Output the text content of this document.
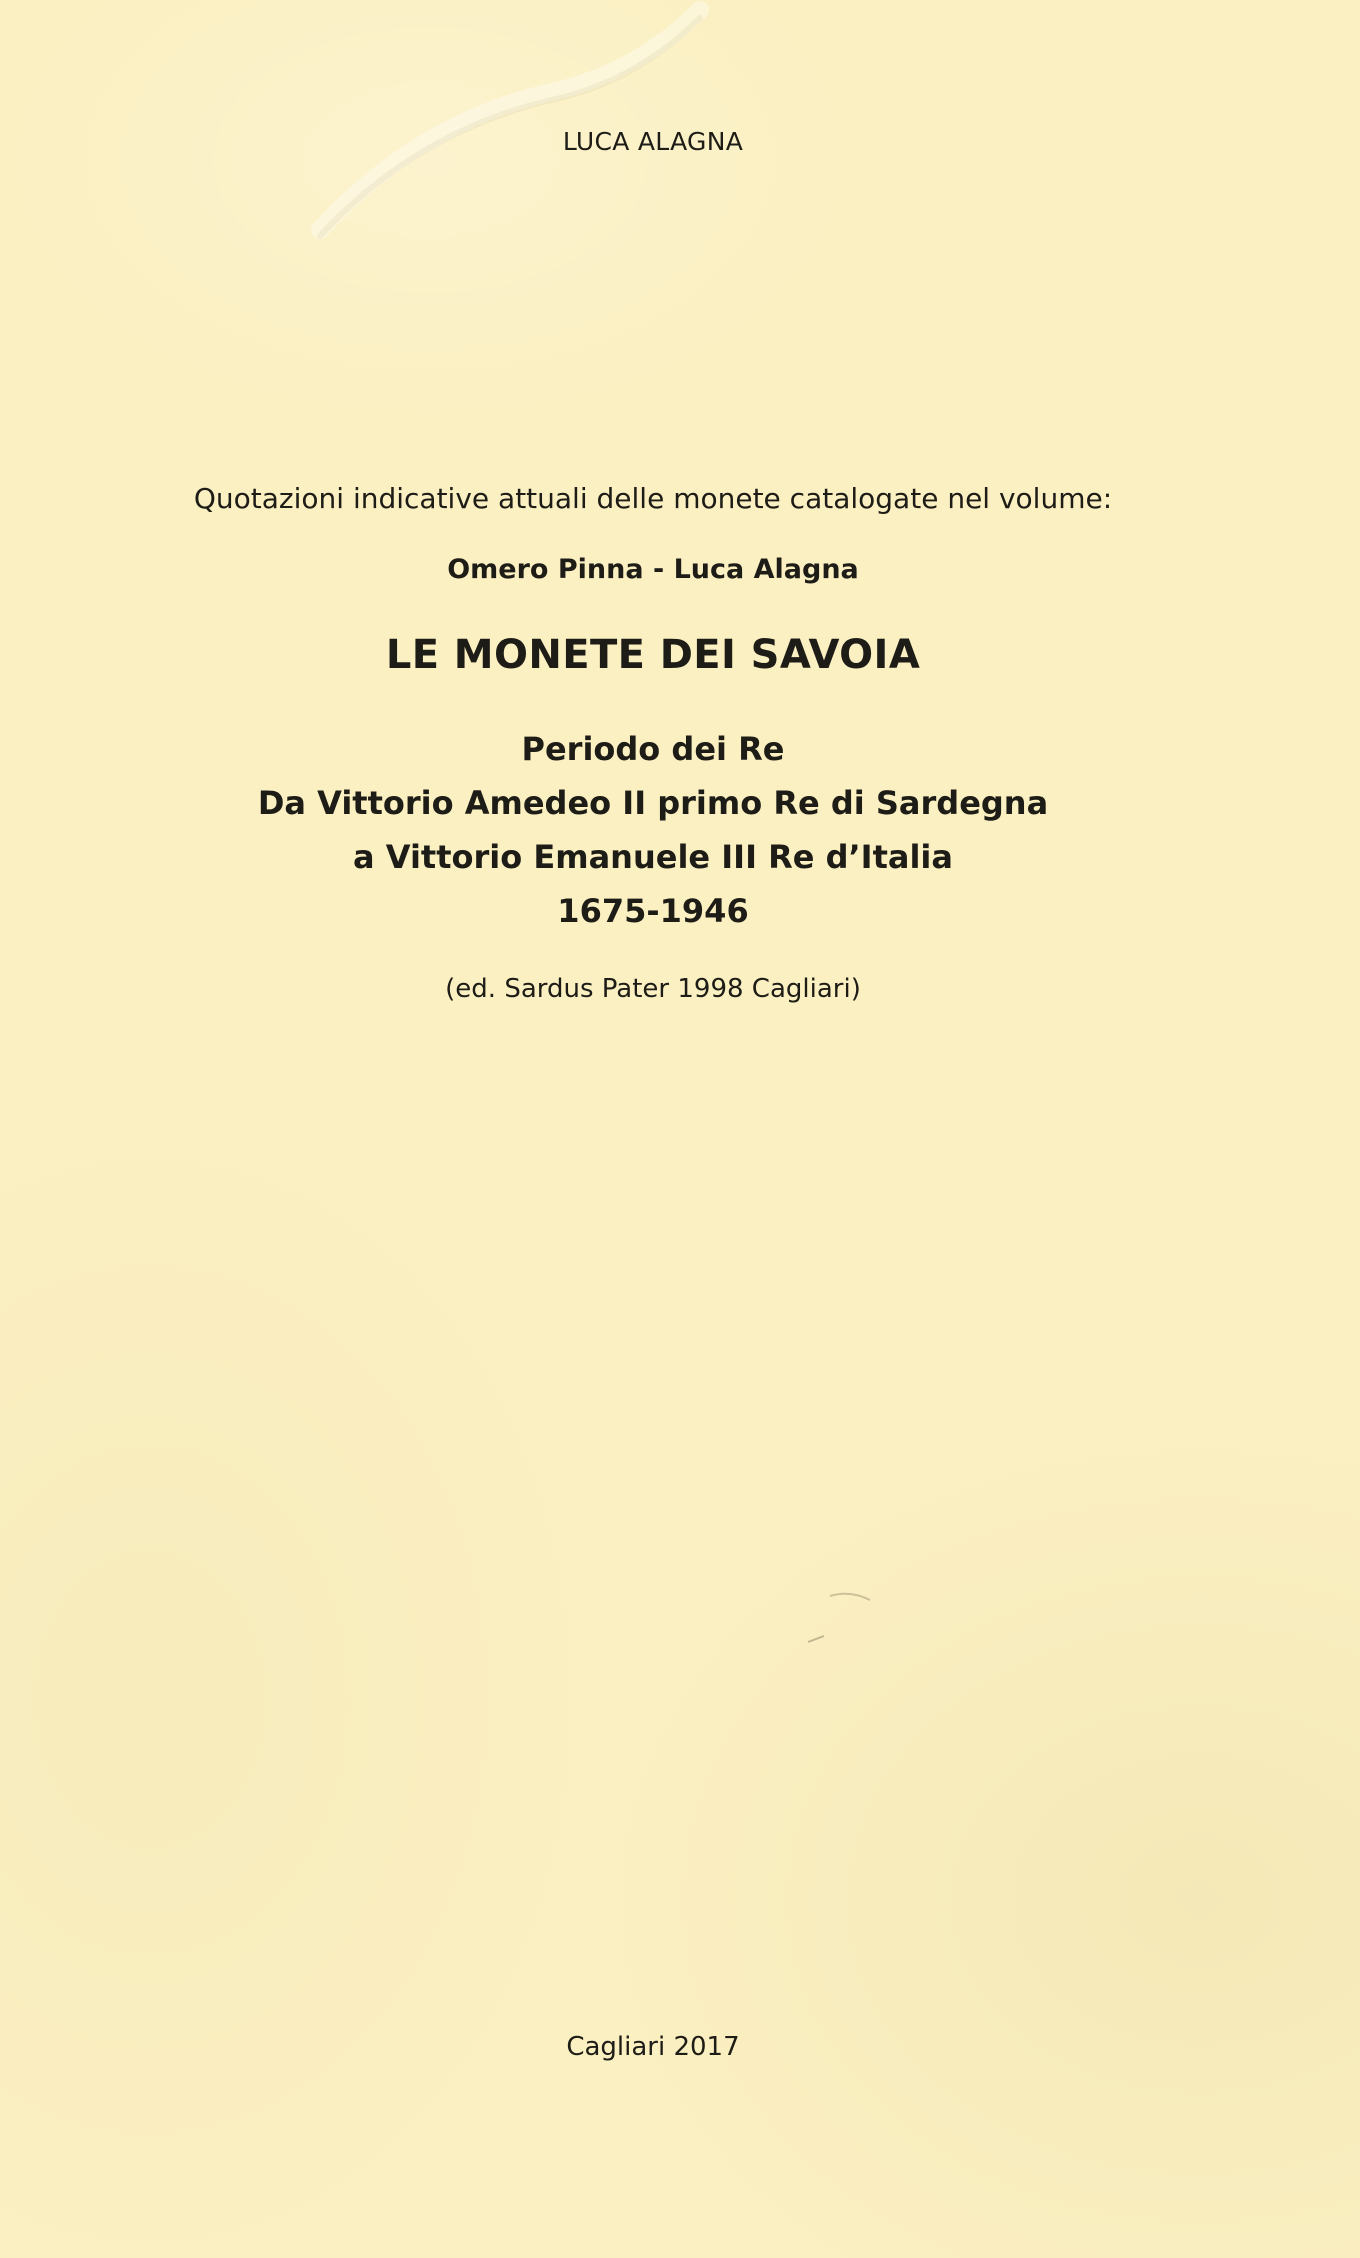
LUCA ALAGNA
Quotazioni indicative attuali delle monete catalogate nel volume:
Omero Pinna - Luca Alagna
LE MONETE DEI SAVOIA
Periodo dei Re
Da Vittorio Amedeo II primo Re di Sardegna
a Vittorio Emanuele III Re d’Italia
1675-1946
(ed. Sardus Pater 1998 Cagliari)
Cagliari 2017
